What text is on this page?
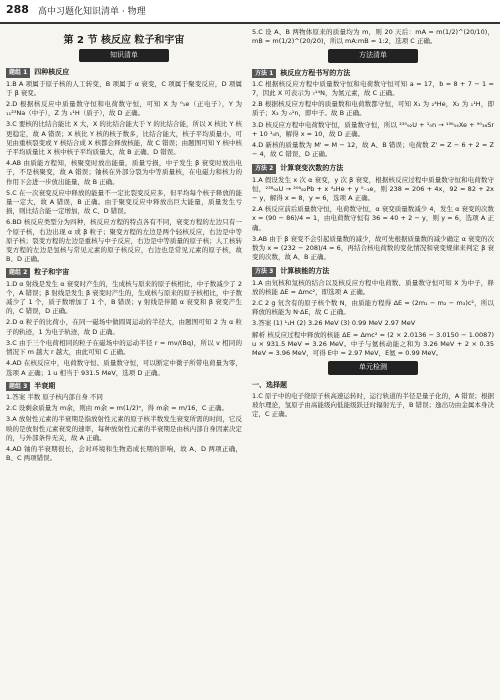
288 高中习题化知识清单 · 物理
第 2 节 核反应 粒子和宇宙
知识清单
题组 1	四种核反应
1.B A 项属于原子核的人工转变，B 项属于 α 衰变，C 项属于聚变反应，D 项属于 β 衰变。
2.D 根据核反应中质量数守恒和电荷数守恒，可知 X 为 ⁰₁e（正电子），Y 为 ₁₁²³Na（中子），Z 为 ₁¹H（质子），故 D 正确。
3.C 要核的比结合能比 X 大，X 的比结合能大于 Y 的比结合能，所以 X 核比 Y 核更稳定，故 A 错误；X 核比 Y 核的核子数多，比结合能大，核子平均质量小，可见由重核裂变或 Y 核结合成 X 核都会释放核能，故 C 错误；由题图可知 Y 核中核子平均质量比 X 核中核子平均质量大，故 B 正确、D 错误。
4.AB 由质能方程知，核聚变时放出能量，质量亏损，中子发生 β 衰变时放出电子，不是核聚变，故 A 错误；铀核在外部分裂为中等质量核，在电磁力和核力的作用下会进一步放出能量，故 B 正确。
5.C 在一次衰变反应中释放的能量不一定比裂变反应多，但平均每个核子释放的能量一定大，故 A 错误，B 正确。由于聚变反应中释放出巨大能量，质量发生亏损，则比结合能一定增加，故 C、D 错误。
6.BD 核反应类型分为四种，核反应方程的特点各有不同，衰变方程的左边只有一个原子核，右边出现 α 或 β 粒子；聚变方程的左边是两个轻核反应，右边是中等原子核；裂变方程的左边是重核与中子反应，右边是中等质量的原子核；人工核转变方程的左边是氢核与常见元素的原子核反应，右边也是常见元素的原子核，故 B、D 正确。
题组 2	粒子和宇宙
1.D α 射线是发生 α 衰变时产生的，生成核与原来的原子核相比，中子数减少了 2 个，A 错误；β 射线是发生 β 衰变时产生的，生成核与原来的原子核相比，中子数减少了 1 个，质子数增加了 1 个，B 错误；γ 射线是伴随 α 衰变和 β 衰变产生的，C 错误，D 正确。
2.D α 粒子的比荷小，在同一磁场中做圆周运动的半径大，由题图可知 2 为 α 粒子的轨迹，1 为电子轨迹，故 D 正确。
3.C 由于三个电荷相同的粒子在磁场中的运动半径 r = mv/(Bq)，所以 v 相同的情况下 m 越大 r 越大，由此可知 C 正确。
4.AD 在核反应中，电荷数守恒、质量数守恒，可以断定中微子所带电荷量为零，选项 A 正确；1 u 相当于 931.5 MeV，选项 D 正确。
题组 3	半衰期
1.答案 半数 原子核内部自身 不同
2.C 设剩余质量为 m余，则由 m余 = m(1/2)ⁿ，得 m余 = m/16，C 正确。
3.A 放射性元素的半衰期是指放射性元素的原子核半数发生衰变所需的时间，它反映的是放射性元素衰变的速率，每种放射性元素的半衰期是由核内部自身因素决定的，与外部条件无关，故 A 正确。
4.AD 铀的半衰期很长，会对环境和生物造成长期的影响，故 A、D 两项正确，B、C 两项错误。
5.C 设 A、B 两物体原来的质量均为 m，则 20 天后：mA = m(1/2)^(20/10)，mB = m(1/2)^(20/20)，所以 mA:mB = 1:2，选项 C 正确。
方法清单
方法 1	核反应方程书写的方法
1.C 根据核反应方程中质量数守恒和电荷数守恒可知 a = 17，b = 8 + 7 − 1 = 7，因此 X 可表示为 ₇¹⁴N，为氮元素，故 C 正确。
2.B 根据核反应方程中的质量数和电荷数都守恒，可知 X₁ 为 ₂⁴He，X₂ 为 ₁¹H，即质子；X₃ 为 ₀¹n，即中子。故 B 正确。
3.D 核反应方程中电荷数守恒，质量数守恒，所以 ²³⁵₉₂U + ¹₀n → ¹³⁶₅₄Xe + ⁹⁰₃₈Sr + 10 ¹₀n，解得 x = 10，故 D 正确。
4.D 新核的质量数为 M' = M − 12，故 A、B 错误；电荷数 Z' = Z − 6 + 2 = Z − 4，故 C 错误、D 正确。
方法 2	计算衰变次数的方法
1.A 假设发生 x 次 α 衰变，y 次 β 衰变，根据核反应过程中质量数守恒和电荷数守恒，²³⁸₉₂U → ²⁰⁶₈₂Pb + x ⁴₂He + y ⁰₋₁e，则 238 = 206 + 4x，92 = 82 + 2x − y，解得 x = 8，y = 6，选项 A 正确。
2.A 核反应前后质量数守恒，电荷数守恒，α 衰变质量数减少 4，发生 α 衰变的次数 x = (90 − 86)/4 = 1，由电荷数守恒有 36 = 40 + 2 − y，则 y = 6，选项 A 正确。
3.AB 由于 β 衰变不会引起质量数的减少，故可先根据质量数的减少确定 α 衰变的次数为 x = (232 − 208)/4 = 6，再结合核电荷数的变化情况和衰变规律来判定 β 衰变的次数，故 A、B 正确。
方法 3	计算核能的方法
1.A 由氘核和氚核的结合以及核反应方程中电荷数、质量数守恒可知 X 为中子，释放的核能 ΔE = Δmc²，即选项 A 正确。
2.C 2 g 氘含有的原子核个数 N，由质能方程得 ΔE = (2m₁ − m₂ − m₃)c²，所以释放的核能为 N·ΔE，故 C 正确。
3.答案 (1) ¹₁H (2) 3.26 MeV (3) 0.99 MeV 2.97 MeV
解析 核反应过程中释放的核能 ΔE = Δmc² = (2 × 2.0136 − 3.0150 − 1.0087) u × 931.5 MeV ≈ 3.26 MeV。中子与氦核动能之和为 3.26 MeV + 2 × 0.35 MeV = 3.96 MeV，可得 E中 = 2.97 MeV，E氦 = 0.99 MeV。
单元检测
一、选择题
1.C 原子中的电子绕原子核高速运转时，运行轨道的半径是量子化的，A 错误；根据玻尔理论，氢原子由高能级向低能级跃迁时辐射光子，B 错误；逸出功由金属本身决定，C 正确。
